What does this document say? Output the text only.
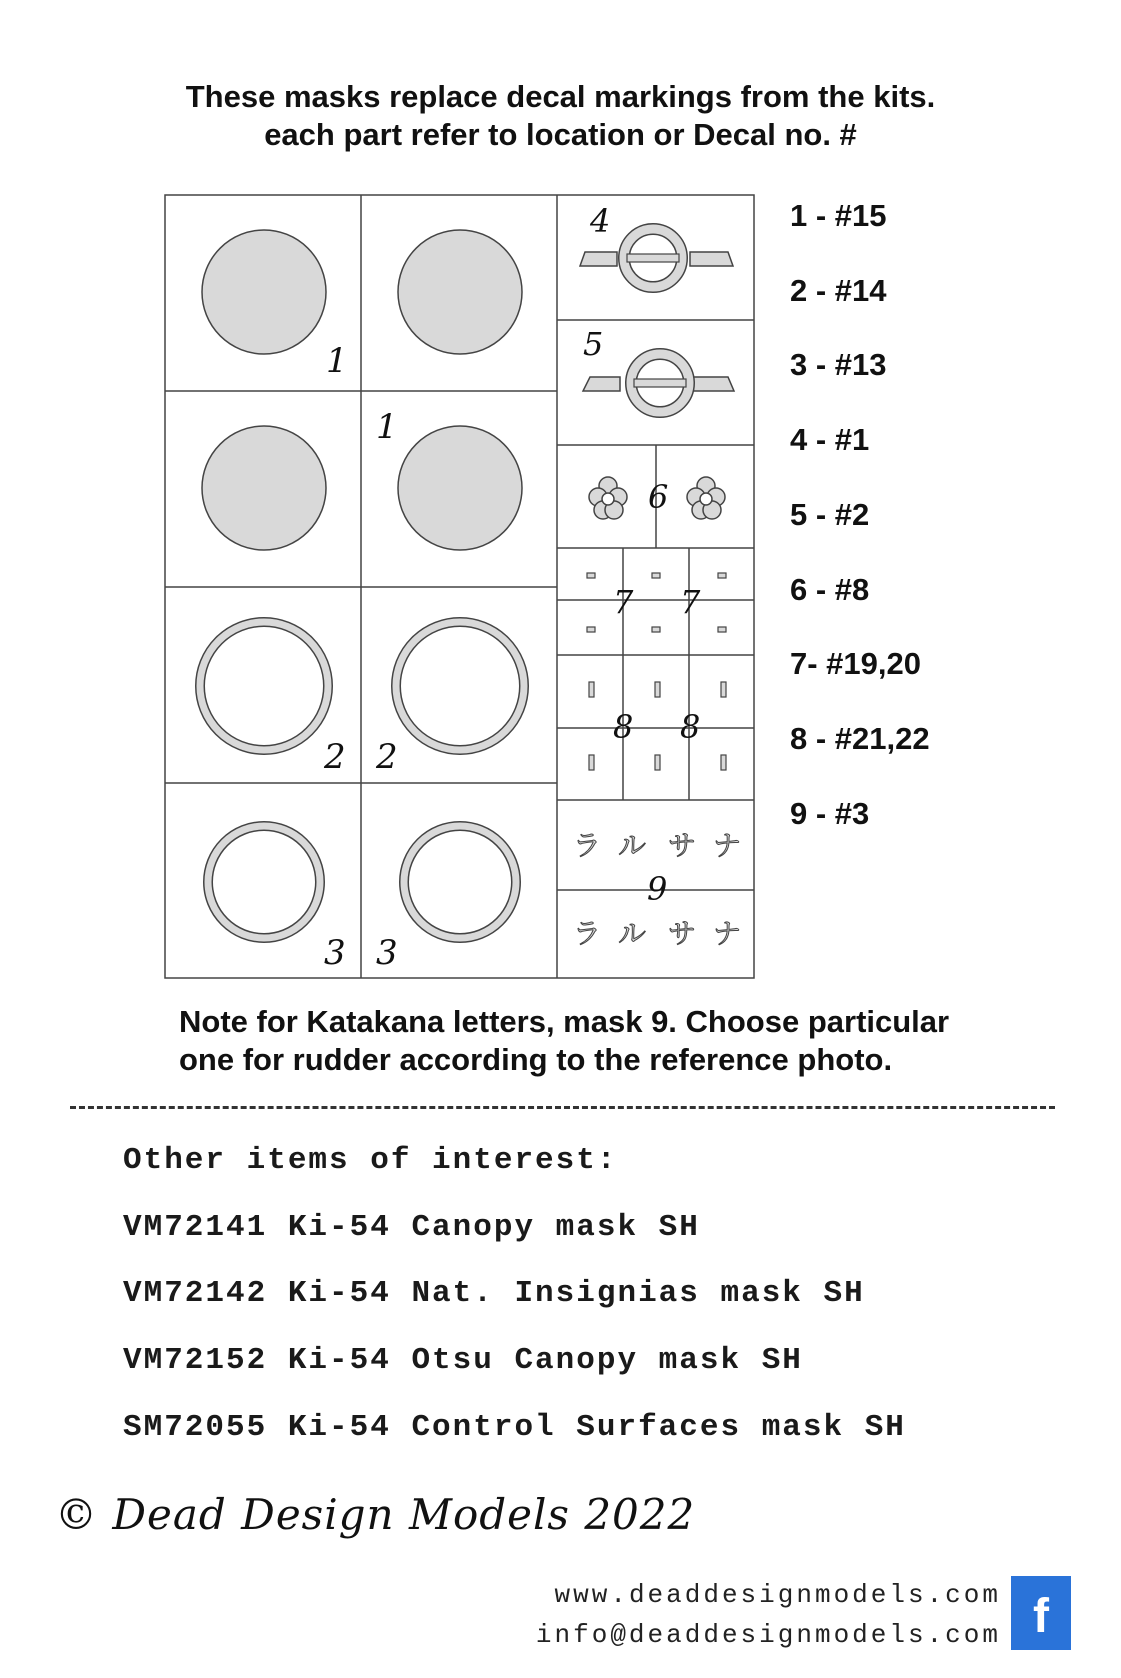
These masks replace decal markings from the kits.
each part refer to location or Decal no. #
1
1
2 2
3 3
4
5
6
7 7
8 8
9
ラ ル サ ナ
ラ ル サ ナ
1 - #15
2 - #14
3 - #13
4 - #1
5 - #2
6 - #8
7- #19,20
8 - #21,22
9 - #3
Note for Katakana letters, mask 9. Choose particular
one for rudder according to the reference photo.
Other items of interest:
VM72141 Ki-54 Canopy mask SH
VM72142 Ki-54 Nat. Insignias mask SH
VM72152 Ki-54 Otsu Canopy mask SH
SM72055 Ki-54 Control Surfaces mask SH
© Dead Design Models 2022
www.deaddesignmodels.com
info@deaddesignmodels.com f
